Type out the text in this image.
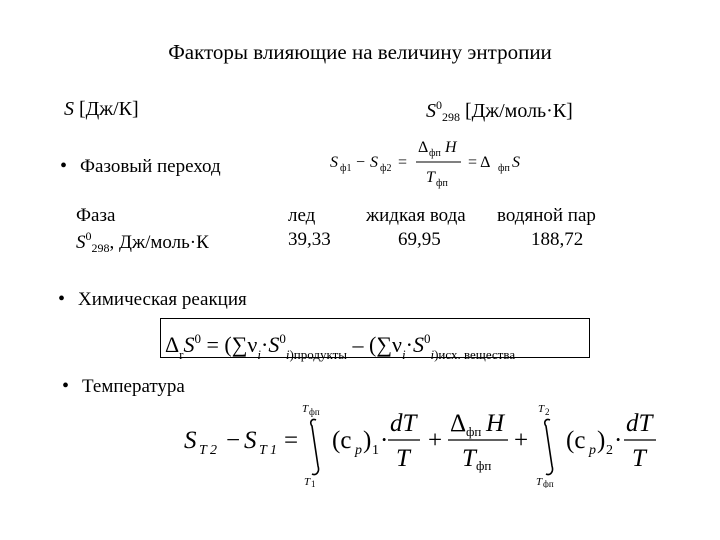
Факторы влияющие на величину энтропии
S [Дж/К]	$S^0_{298}$ [Дж/моль·К]
• Фазовый переход	S ф1 − S ф2 =
Δ фп H
T фп
= Δ фп S
Фаза
$S^0_{298}$, Дж/моль·К
лед
39,33
жидкая вода
69,95
водяной пар
188,72
• Химическая реакция
$\Delta_rS^0 = (\sum\nu_i\cdot S^0_{i)продукты} - (\sum\nu_i\cdot S^0_{i)исх. вещества}$
• Температура
S T 2 − S T 1 =
T фп
T 1
(c p ) 1 ·
dT
T
+
Δ фп H
T фп
+
T 2
T фп
(c p ) 2 ·
dT
T
